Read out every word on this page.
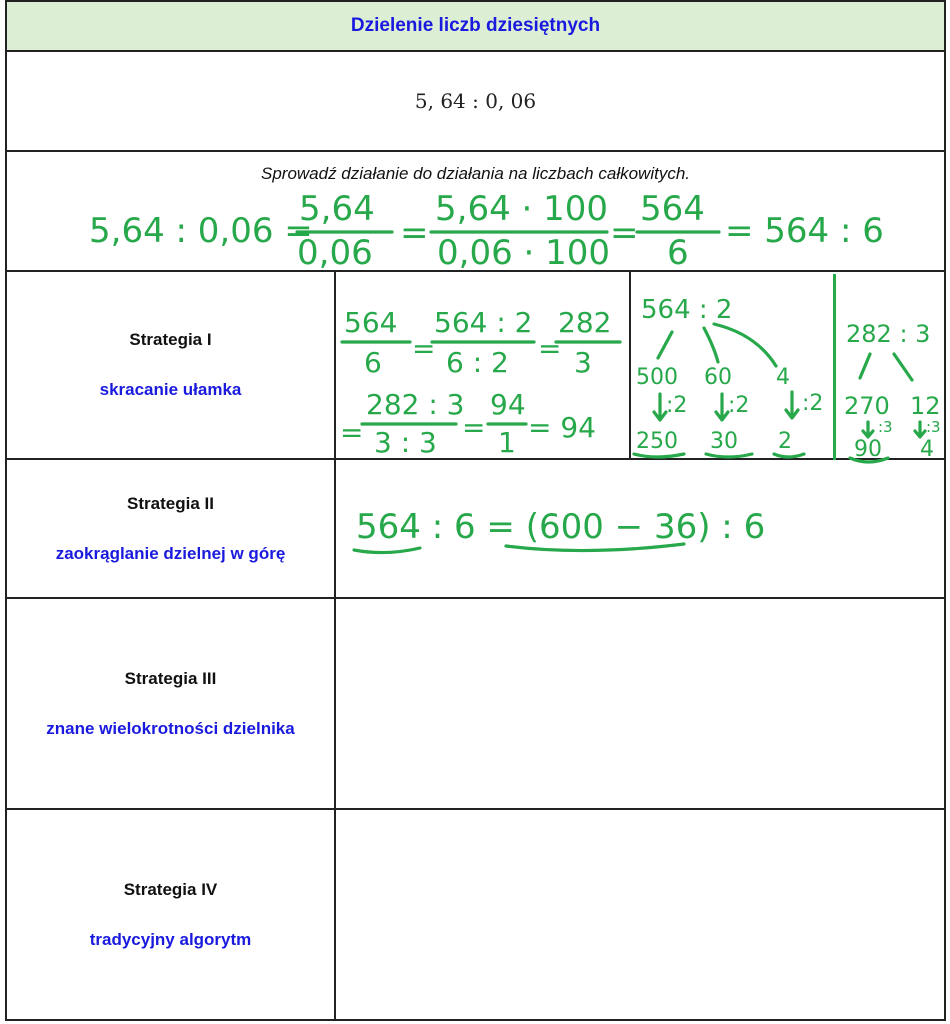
Dzielenie liczb dziesiętnych
5, 64 : 0, 06
Sprowadź działanie do działania na liczbach całkowitych.
5,64 : 0,06 =
5,64
0,06 =
5,64 · 100
0,06 · 100 =
564
6
= 564 : 6
Strategia I
skracanie ułamka
564
6 =
564 : 2
6 : 2 =
282
3
=
282 : 3
3 : 3 =
94
1 = 94
564 : 2
500 60 4
:2 :2 :2
250 30 2
282 : 3
270 12
:3 :3
90 4
Strategia II
zaokrąglanie dzielnej w górę
564 : 6 = (600 − 36) : 6
Strategia III
znane wielokrotności dzielnika
Strategia IV
tradycyjny algorytm
